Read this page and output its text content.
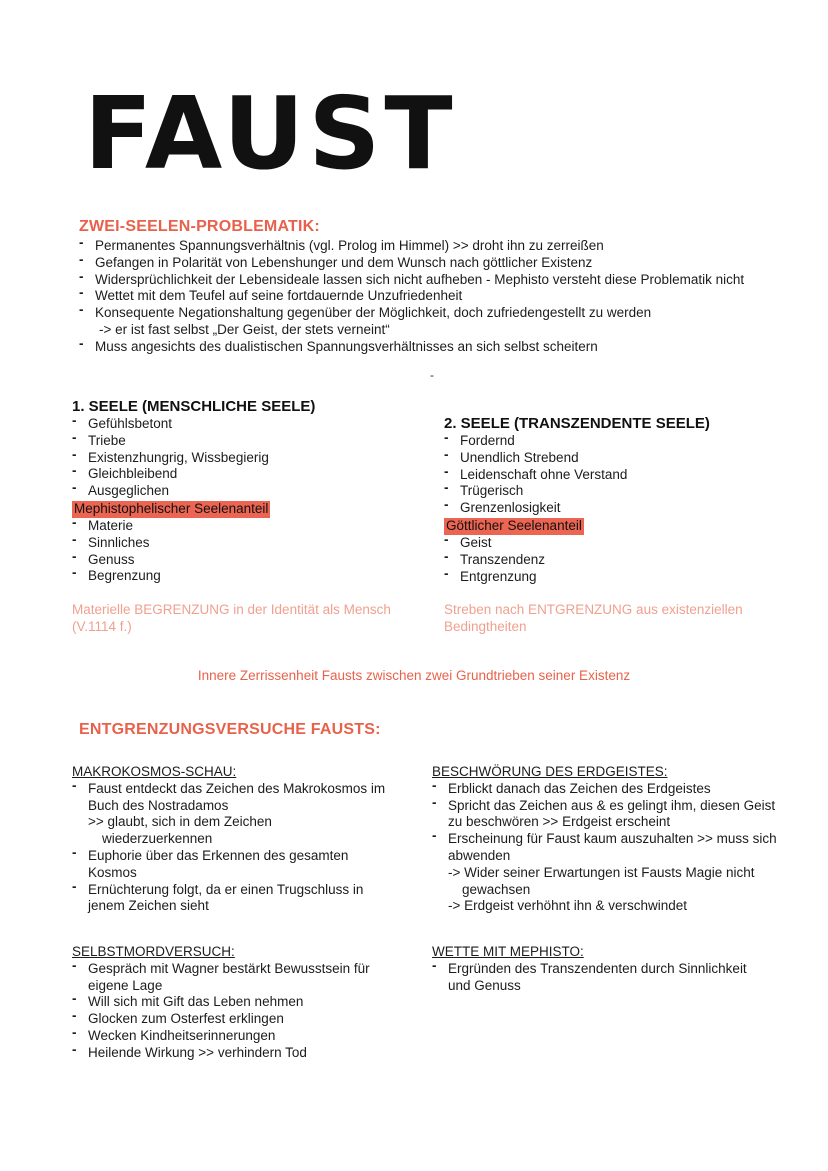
FAUST
ZWEI-SEELEN-PROBLEMATIK:
- Permanentes Spannungsverhältnis (vgl. Prolog im Himmel) >> droht ihn zu zerreißen
- Gefangen in Polarität von Lebenshunger und dem Wunsch nach göttlicher Existenz
- Widersprüchlichkeit der Lebensideale lassen sich nicht aufheben - Mephisto versteht diese Problematik nicht
- Wettet mit dem Teufel auf seine fortdauernde Unzufriedenheit
- Konsequente Negationshaltung gegenüber der Möglichkeit, doch zufriedengestellt zu werden
-> er ist fast selbst „Der Geist, der stets verneint“
- Muss angesichts des dualistischen Spannungsverhältnisses an sich selbst scheitern
-
1. SEELE (MENSCHLICHE SEELE)
- Gefühlsbetont
- Triebe
- Existenzhungrig, Wissbegierig
- Gleichbleibend
- Ausgeglichen
Mephistophelischer Seelenanteil
- Materie
- Sinnliches
- Genuss
- Begrenzung
Materielle BEGRENZUNG in der Identität als Mensch (V.1114 f.)
2. SEELE (TRANSZENDENTE SEELE)
- Fordernd
- Unendlich Strebend
- Leidenschaft ohne Verstand
- Trügerisch
- Grenzenlosigkeit
Göttlicher Seelenanteil
- Geist
- Transzendenz
- Entgrenzung
Streben nach ENTGRENZUNG aus existenziellen Bedingtheiten
Innere Zerrissenheit Fausts zwischen zwei Grundtrieben seiner Existenz
ENTGRENZUNGSVERSUCHE FAUSTS:
MAKROKOSMOS-SCHAU:
- Faust entdeckt das Zeichen des Makrokosmos im Buch des Nostradamos
>> glaubt, sich in dem Zeichen
wiederzuerkennen
- Euphorie über das Erkennen des gesamten Kosmos
- Ernüchterung folgt, da er einen Trugschluss in jenem Zeichen sieht
BESCHWÖRUNG DES ERDGEISTES:
- Erblickt danach das Zeichen des Erdgeistes
- Spricht das Zeichen aus & es gelingt ihm, diesen Geist zu beschwören >> Erdgeist erscheint
- Erscheinung für Faust kaum auszuhalten >> muss sich abwenden
-> Wider seiner Erwartungen ist Fausts Magie nicht
gewachsen
-> Erdgeist verhöhnt ihn & verschwindet
SELBSTMORDVERSUCH:
- Gespräch mit Wagner bestärkt Bewusstsein für eigene Lage
- Will sich mit Gift das Leben nehmen
- Glocken zum Osterfest erklingen
- Wecken Kindheitserinnerungen
- Heilende Wirkung >> verhindern Tod
WETTE MIT MEPHISTO:
- Ergründen des Transzendenten durch Sinnlichkeit und Genuss
